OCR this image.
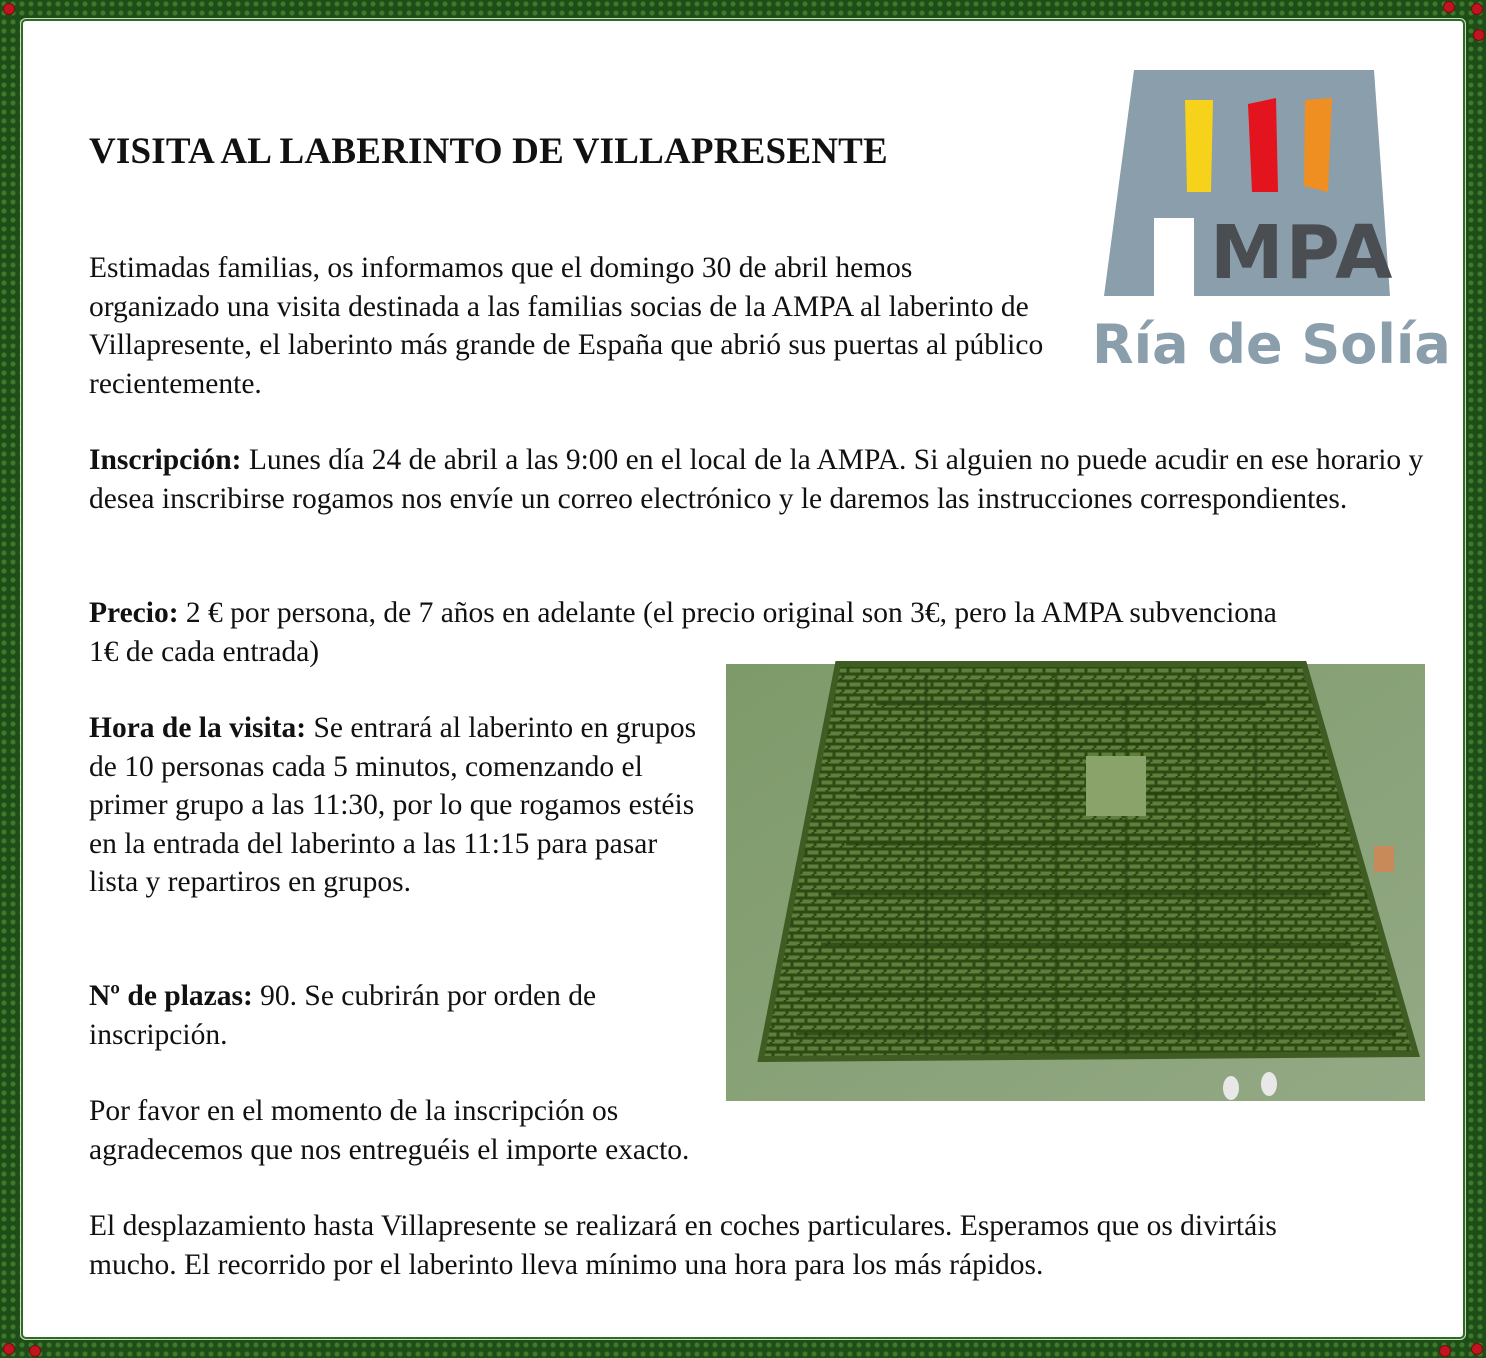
VISITA AL LABERINTO DE VILLAPRESENTE

Estimadas familias, os informamos que el domingo 30 de abril hemos organizado una visita destinada a las familias socias de la AMPA al laberinto de Villapresente, el laberinto más grande de España que abrió sus puertas al público recientemente.

Inscripción: Lunes día 24 de abril a las 9:00 en el local de la AMPA. Si alguien no puede acudir en ese horario y desea inscribirse rogamos nos envíe un correo electrónico y le daremos las instrucciones correspondientes.

Precio: 2 € por persona, de 7 años en adelante (el precio original son 3€, pero la AMPA subvenciona 1€ de cada entrada)

Hora de la visita: Se entrará al laberinto en grupos de 10 personas cada 5 minutos, comenzando el primer grupo a las 11:30, por lo que rogamos estéis en la entrada del laberinto a las 11:15 para pasar lista y repartiros en grupos.

Nº de plazas: 90. Se cubrirán por orden de inscripción.

Por favor en el momento de la inscripción os agradecemos que nos entreguéis el importe exacto.

El desplazamiento hasta Villapresente se realizará en coches particulares. Esperamos que os divirtáis mucho. El recorrido por el laberinto lleva mínimo una hora para los más rápidos.

MPA
Ría de Solía
